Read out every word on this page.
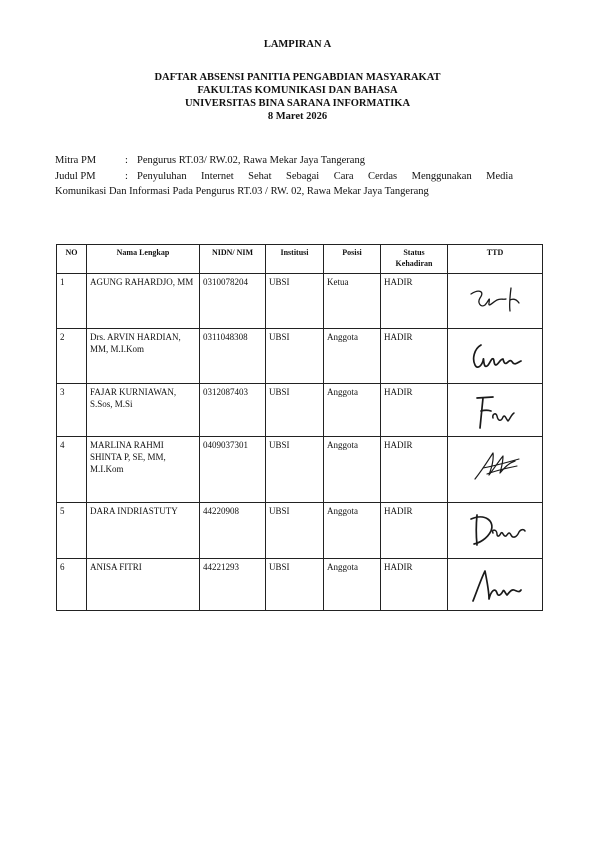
LAMPIRAN A
DAFTAR ABSENSI PANITIA PENGABDIAN MASYARAKAT
FAKULTAS KOMUNIKASI DAN BAHASA
UNIVERSITAS BINA SARANA INFORMATIKA
8 Maret 2026
Mitra PM	: Pengurus RT.03/ RW.02, Rawa Mekar Jaya Tangerang
Judul PM	: Penyuluhan Internet Sehat Sebagai Cara Cerdas Menggunakan Media
Komunikasi Dan Informasi Pada Pengurus RT.03 / RW. 02, Rawa Mekar Jaya Tangerang
NO	Nama Lengkap	NIDN/ NIM	Institusi	Posisi	Status Kehadiran	TTD
1	AGUNG RAHARDJO, MM	0310078204	UBSI	Ketua	HADIR	

2	Drs. ARVIN HARDIAN, MM, M.I.Kom	0311048308	UBSI	Anggota	HADIR	

3	FAJAR KURNIAWAN, S.Sos, M.Si	0312087403	UBSI	Anggota	HADIR	

4	MARLINA RAHMI SHINTA P, SE, MM, M.I.Kom	0409037301	UBSI	Anggota	HADIR	

5	DARA INDRIASTUTY	44220908	UBSI	Anggota	HADIR	

6	ANISA FITRI	44221293	UBSI	Anggota	HADIR	
